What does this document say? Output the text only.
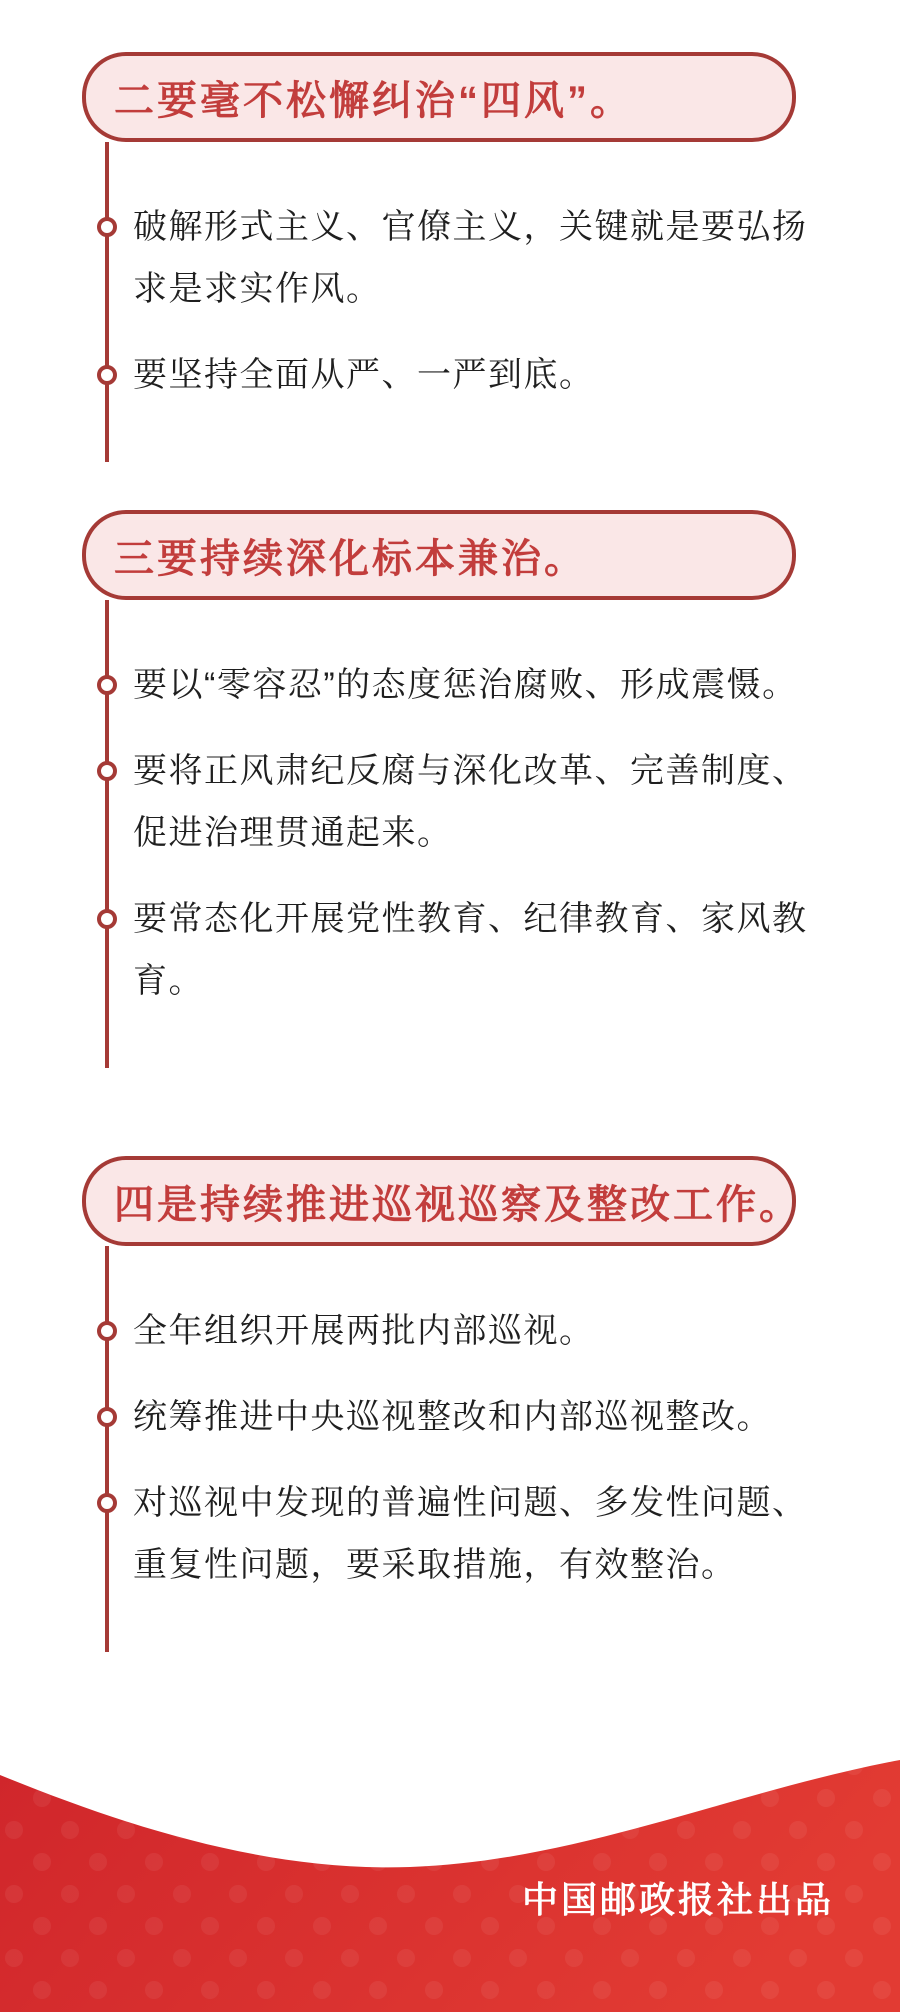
二要毫不松懈纠治“四风”。
破解形式主义、官僚主义，关键就是要弘扬求是求实作风。
要坚持全面从严、一严到底。
三要持续深化标本兼治。
要以“零容忍”的态度惩治腐败、形成震慑。
要将正风肃纪反腐与深化改革、完善制度、促进治理贯通起来。
要常态化开展党性教育、纪律教育、家风教育。
四是持续推进巡视巡察及整改工作。
全年组织开展两批内部巡视。
统筹推进中央巡视整改和内部巡视整改。
对巡视中发现的普遍性问题、多发性问题、重复性问题，要采取措施，有效整治。
中国邮政报社出品
